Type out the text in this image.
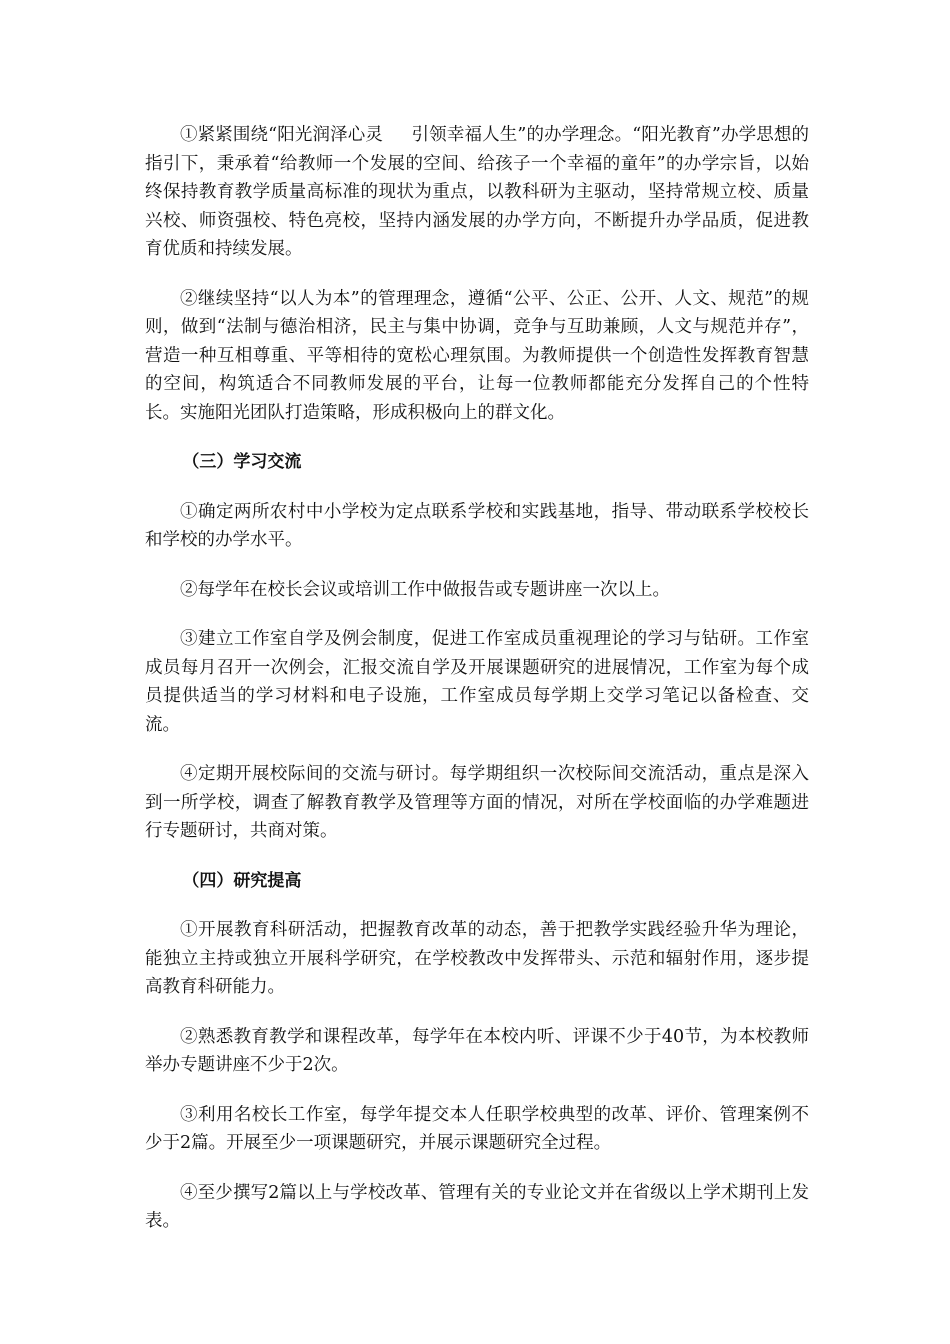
①紧紧围绕“阳光润泽心灵     引领幸福人生”的办学理念。“阳光教育”办学思想的指引下，秉承着“给教师一个发展的空间、给孩子一个幸福的童年”的办学宗旨，以始终保持教育教学质量高标准的现状为重点，以教科研为主驱动，坚持常规立校、质量兴校、师资强校、特色亮校，坚持内涵发展的办学方向，不断提升办学品质，促进教育优质和持续发展。

②继续坚持“以人为本”的管理理念，遵循“公平、公正、公开、人文、规范”的规则，做到“法制与德治相济，民主与集中协调，竞争与互助兼顾，人文与规范并存”，营造一种互相尊重、平等相待的宽松心理氛围。为教师提供一个创造性发挥教育智慧的空间，构筑适合不同教师发展的平台，让每一位教师都能充分发挥自己的个性特长。实施阳光团队打造策略，形成积极向上的群文化。

（三）学习交流

①确定两所农村中小学校为定点联系学校和实践基地，指导、带动联系学校校长和学校的办学水平。

②每学年在校长会议或培训工作中做报告或专题讲座一次以上。

③建立工作室自学及例会制度，促进工作室成员重视理论的学习与钻研。工作室成员每月召开一次例会，汇报交流自学及开展课题研究的进展情况，工作室为每个成员提供适当的学习材料和电子设施，工作室成员每学期上交学习笔记以备检查、交流。

④定期开展校际间的交流与研讨。每学期组织一次校际间交流活动，重点是深入到一所学校，调查了解教育教学及管理等方面的情况，对所在学校面临的办学难题进行专题研讨，共商对策。

（四）研究提高

①开展教育科研活动，把握教育改革的动态，善于把教学实践经验升华为理论，能独立主持或独立开展科学研究，在学校教改中发挥带头、示范和辐射作用，逐步提高教育科研能力。

②熟悉教育教学和课程改革，每学年在本校内听、评课不少于40节，为本校教师举办专题讲座不少于2次。

③利用名校长工作室，每学年提交本人任职学校典型的改革、评价、管理案例不少于2篇。开展至少一项课题研究，并展示课题研究全过程。

④至少撰写2篇以上与学校改革、管理有关的专业论文并在省级以上学术期刊上发表。
